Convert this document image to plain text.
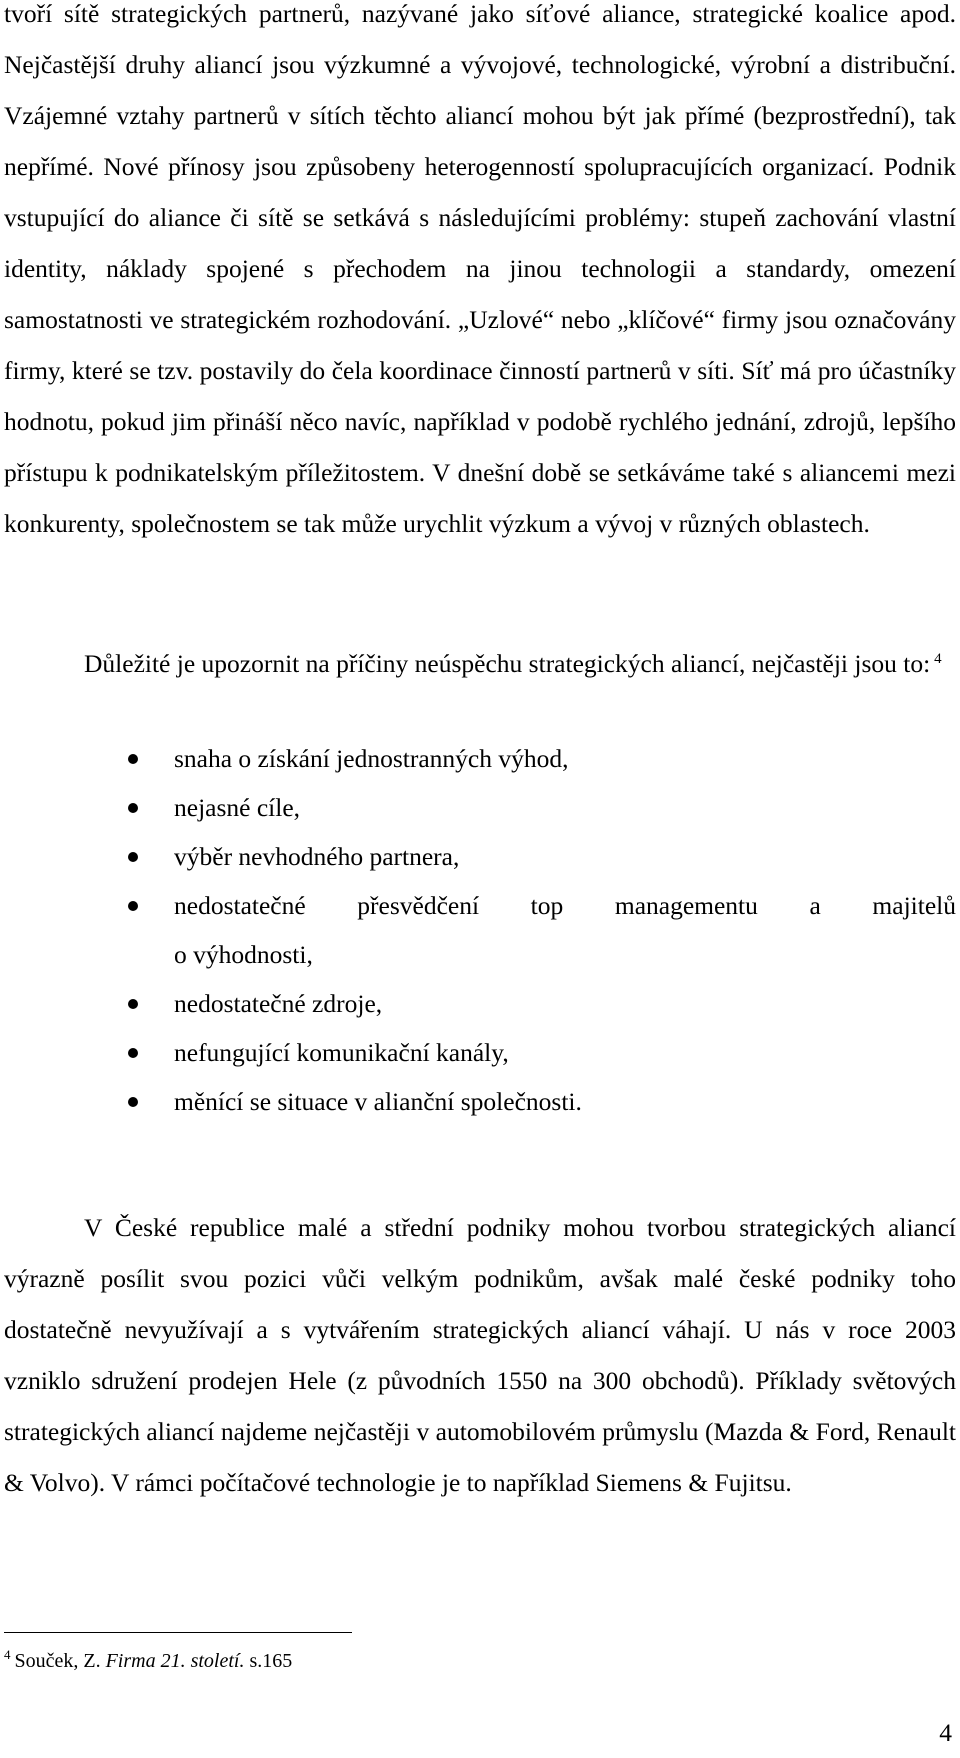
tvoří sítě strategických partnerů, nazývané jako síťové aliance, strategické koalice apod. Nejčastější druhy aliancí jsou výzkumné a vývojové, technologické, výrobní a distribuční. Vzájemné vztahy partnerů v sítích těchto aliancí mohou být jak přímé (bezprostřední), tak nepřímé. Nové přínosy jsou způsobeny heterogenností spolupracujících organizací. Podnik vstupující do aliance či sítě se setkává s následujícími problémy: stupeň zachování vlastní identity, náklady spojené s přechodem na jinou technologii a standardy, omezení samostatnosti ve strategickém rozhodování. „Uzlové“ nebo „klíčové“ firmy jsou označovány firmy, které se tzv. postavily do čela koordinace činností partnerů v síti. Síť má pro účastníky hodnotu, pokud jim přináší něco navíc, například v podobě rychlého jednání, zdrojů, lepšího přístupu k podnikatelským příležitostem. V dnešní době se setkáváme také s aliancemi mezi konkurenty, společnostem se tak může urychlit výzkum a vývoj v různých oblastech.

Důležité je upozornit na příčiny neúspěchu strategických aliancí, nejčastěji jsou to: $^4$

snaha o získání jednostranných výhod,
nejasné cíle,
výběr nevhodného partnera,
nedostatečné přesvědčení top managementu a majitelů
o výhodnosti,
nedostatečné zdroje,
nefungující komunikační kanály,
měnící se situace v alianční společnosti.

V České republice malé a střední podniky mohou tvorbou strategických aliancí výrazně posílit svou pozici vůči velkým podnikům, avšak malé české podniky toho dostatečně nevyužívají a s vytvářením strategických aliancí váhají. U nás v roce 2003 vzniklo sdružení prodejen Hele (z původních 1550 na 300 obchodů). Příklady světových strategických aliancí najdeme nejčastěji v automobilovém průmyslu (Mazda & Ford, Renault & Volvo). V rámci počítačové technologie je to například Siemens & Fujitsu.

$^4$ Souček, Z. Firma 21. století. s.165

4
